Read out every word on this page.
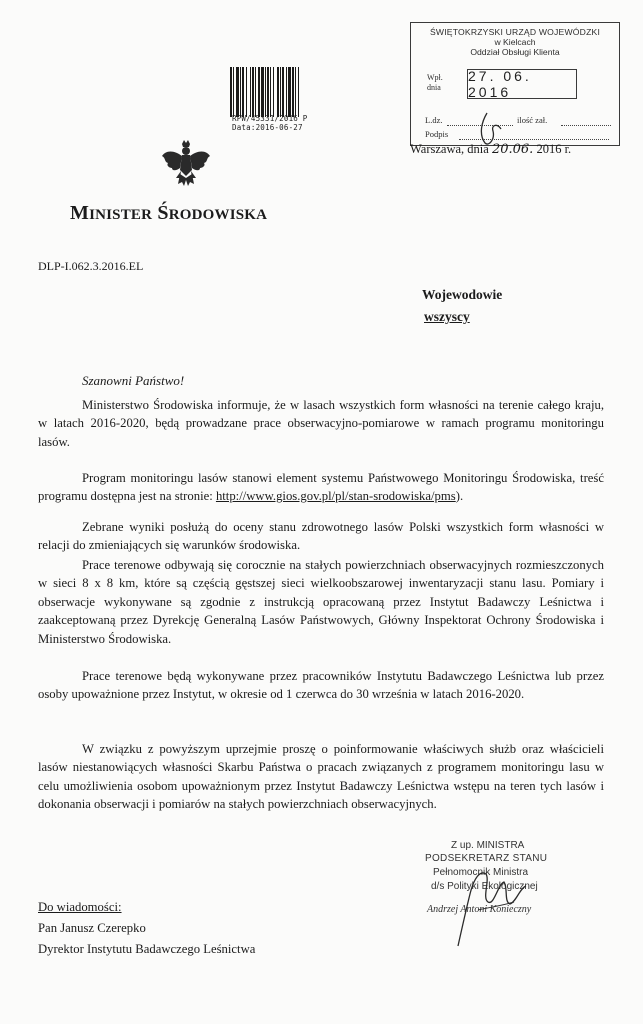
RPW/45331/2016 P
Data:2016-06-27
ŚWIĘTOKRZYSKI URZĄD WOJEWÓDZKI
w Kielcach
Oddział Obsługi Klienta
Wpł.
dnia
27. 06. 2016
L.dz.	ilość zał.
Podpis
Warszawa, dnia 20.06. 2016 r.
MINISTER ŚRODOWISKA
DLP-I.062.3.2016.EL
Wojewodowie
wszyscy
Szanowni Państwo!
Ministerstwo Środowiska informuje, że w lasach wszystkich form własności na terenie całego kraju, w latach 2016-2020, będą prowadzane prace obserwacyjno-pomiarowe w ramach programu monitoringu lasów.
Program monitoringu lasów stanowi element systemu Państwowego Monitoringu Środowiska, treść programu dostępna jest na stronie: http://www.gios.gov.pl/pl/stan-srodowiska/pms).
Zebrane wyniki posłużą do oceny stanu zdrowotnego lasów Polski wszystkich form własności w relacji do zmieniających się warunków środowiska.
Prace terenowe odbywają się corocznie na stałych powierzchniach obserwacyjnych rozmieszczonych w sieci 8 x 8 km, które są częścią gęstszej sieci wielkoobszarowej inwentaryzacji stanu lasu. Pomiary i obserwacje wykonywane są zgodnie z instrukcją opracowaną przez Instytut Badawczy Leśnictwa i zaakceptowaną przez Dyrekcję Generalną Lasów Państwowych, Główny Inspektorat Ochrony Środowiska i Ministerstwo Środowiska.
Prace terenowe będą wykonywane przez pracowników Instytutu Badawczego Leśnictwa lub przez osoby upoważnione przez Instytut, w okresie od 1 czerwca do 30 września w latach 2016-2020.
W związku z powyższym uprzejmie proszę o poinformowanie właściwych służb oraz właścicieli lasów niestanowiących własności Skarbu Państwa o pracach związanych z programem monitoringu lasu w celu umożliwienia osobom upoważnionym przez Instytut Badawczy Leśnictwa wstępu na teren tych lasów i dokonania obserwacji i pomiarów na stałych powierzchniach obserwacyjnych.
Z up. MINISTRA
PODSEKRETARZ STANU
Pełnomocnik Ministra
d/s Polityki Ekologicznej
Andrzej Antoni Konieczny
Do wiadomości:
Pan Janusz Czerepko
Dyrektor Instytutu Badawczego Leśnictwa
